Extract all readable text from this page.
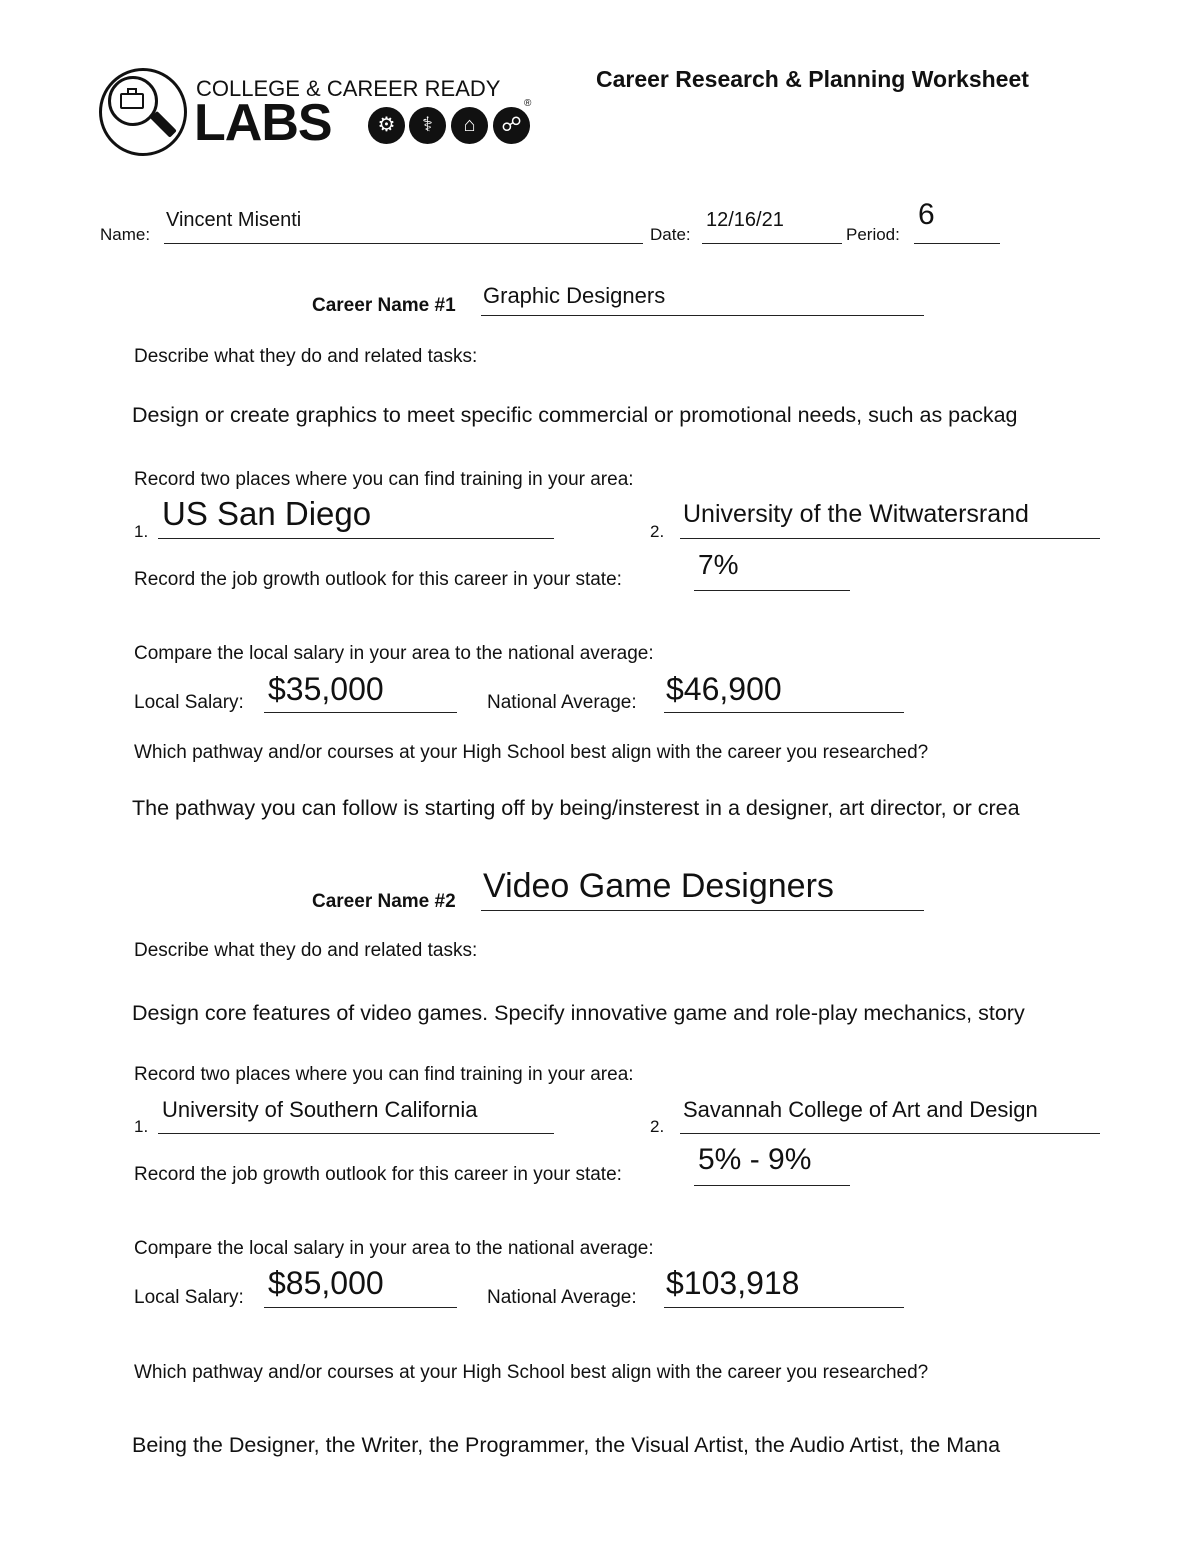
COLLEGE & CAREER READY
LABS	⚙	⚕	⌂	☍
®
Career Research & Planning Worksheet
Name:
Vincent Misenti
Date:
12/16/21
Period:
6
Career Name #1 Graphic Designers
Describe what they do and related tasks:
Design or create graphics to meet specific commercial or promotional needs, such as packag
Record two places where you can find training in your area:
1. US San Diego	2.
University of the Witwatersrand
Record the job growth outlook for this career in your state:	7%
Compare the local salary in your area to the national average:
Local Salary: $35,000	National Average: $46,900
Which pathway and/or courses at your High School best align with the career you researched?
The pathway you can follow is starting off by being/insterest in a designer, art director, or crea
Career Name #2 Video Game Designers
Describe what they do and related tasks:
Design core features of video games. Specify innovative game and role-play mechanics, story
Record two places where you can find training in your area:
1.
University of Southern California
2.
Savannah College of Art and Design
Record the job growth outlook for this career in your state:	5% - 9%
Compare the local salary in your area to the national average:
Local Salary: $85,000	National Average: $103,918
Which pathway and/or courses at your High School best align with the career you researched?
Being the Designer, the Writer, the Programmer, the Visual Artist, the Audio Artist, the Mana
